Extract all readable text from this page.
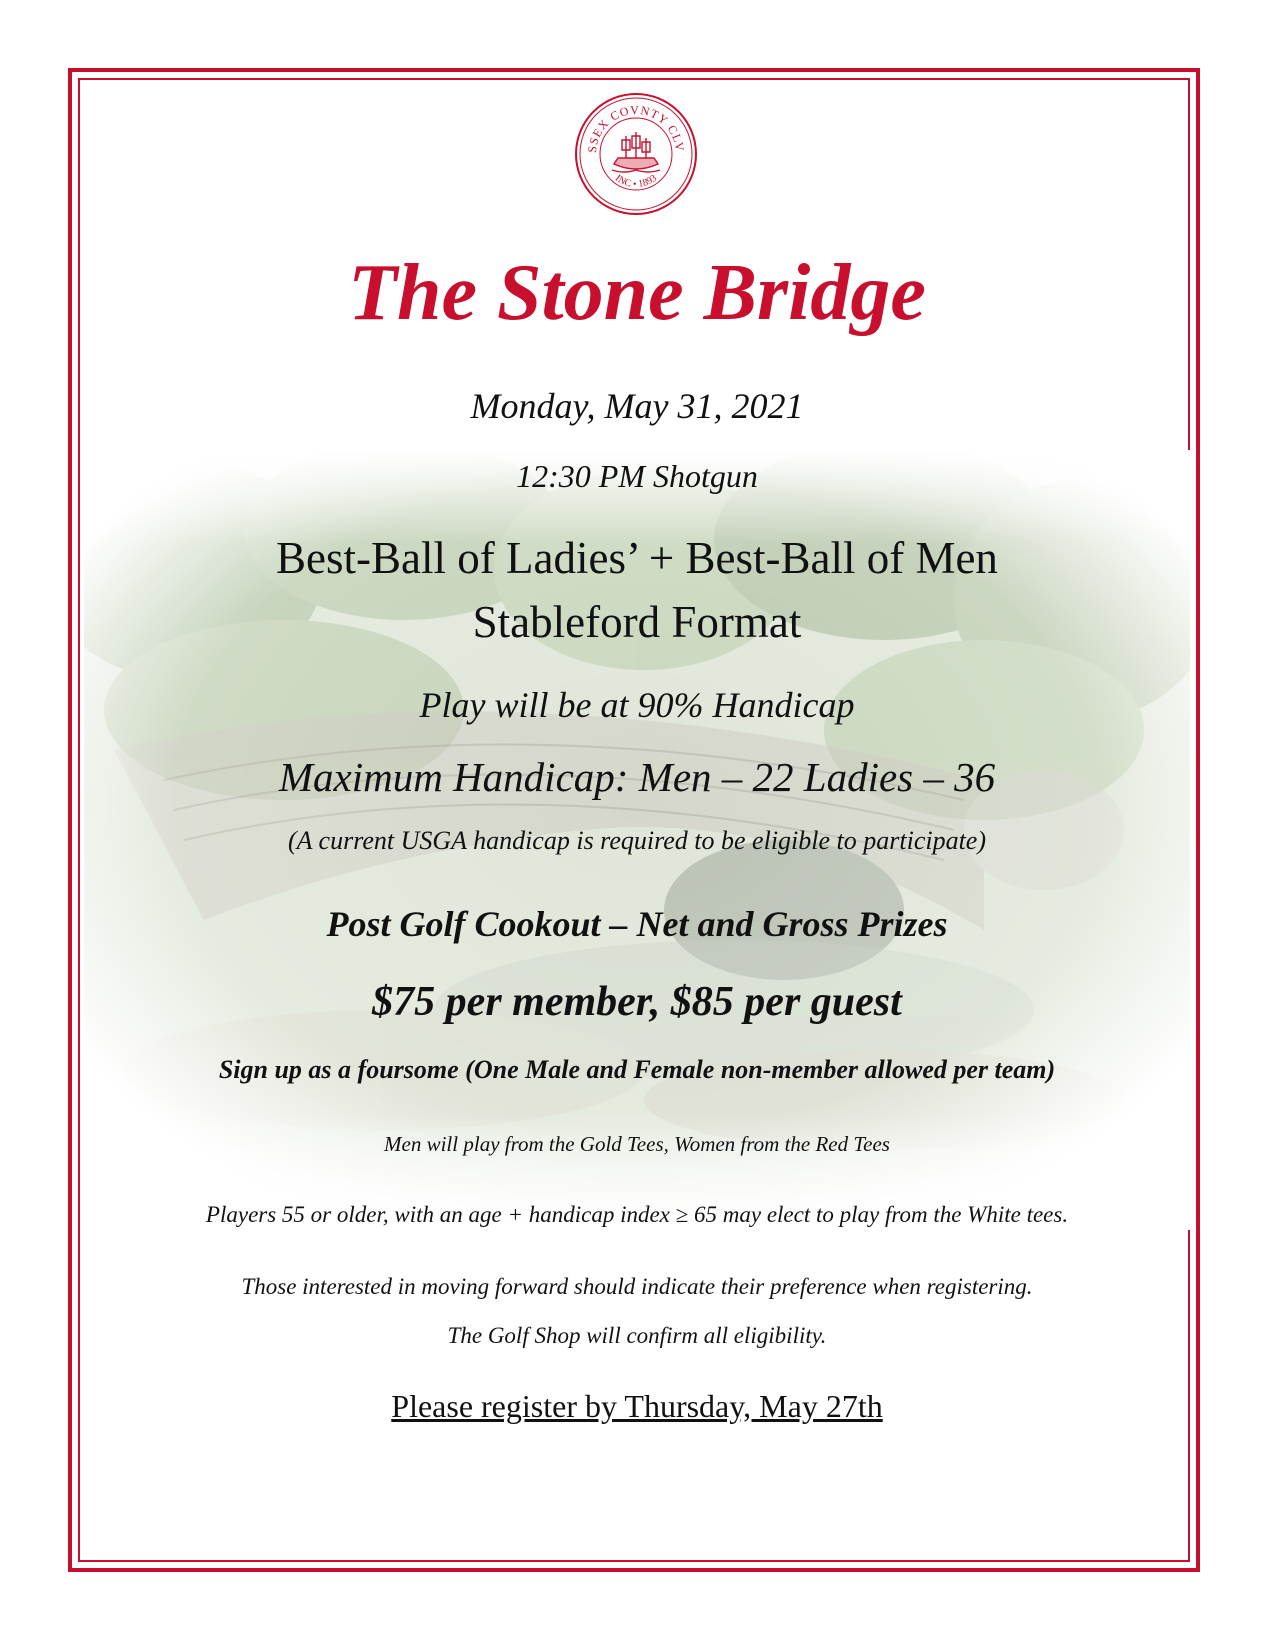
SSEX COVNTY CLV
INC • 1893
The Stone Bridge
Monday, May 31, 2021
12:30 PM Shotgun
Best-Ball of Ladies’ + Best-Ball of Men
Stableford Format
Play will be at 90% Handicap
Maximum Handicap: Men – 22 Ladies – 36
(A current USGA handicap is required to be eligible to participate)
Post Golf Cookout – Net and Gross Prizes
$75 per member, $85 per guest
Sign up as a foursome (One Male and Female non-member allowed per team)
Men will play from the Gold Tees, Women from the Red Tees
Players 55 or older, with an age + handicap index ≥ 65 may elect to play from the White tees.
Those interested in moving forward should indicate their preference when registering.
The Golf Shop will confirm all eligibility.
Please register by Thursday, May 27th
